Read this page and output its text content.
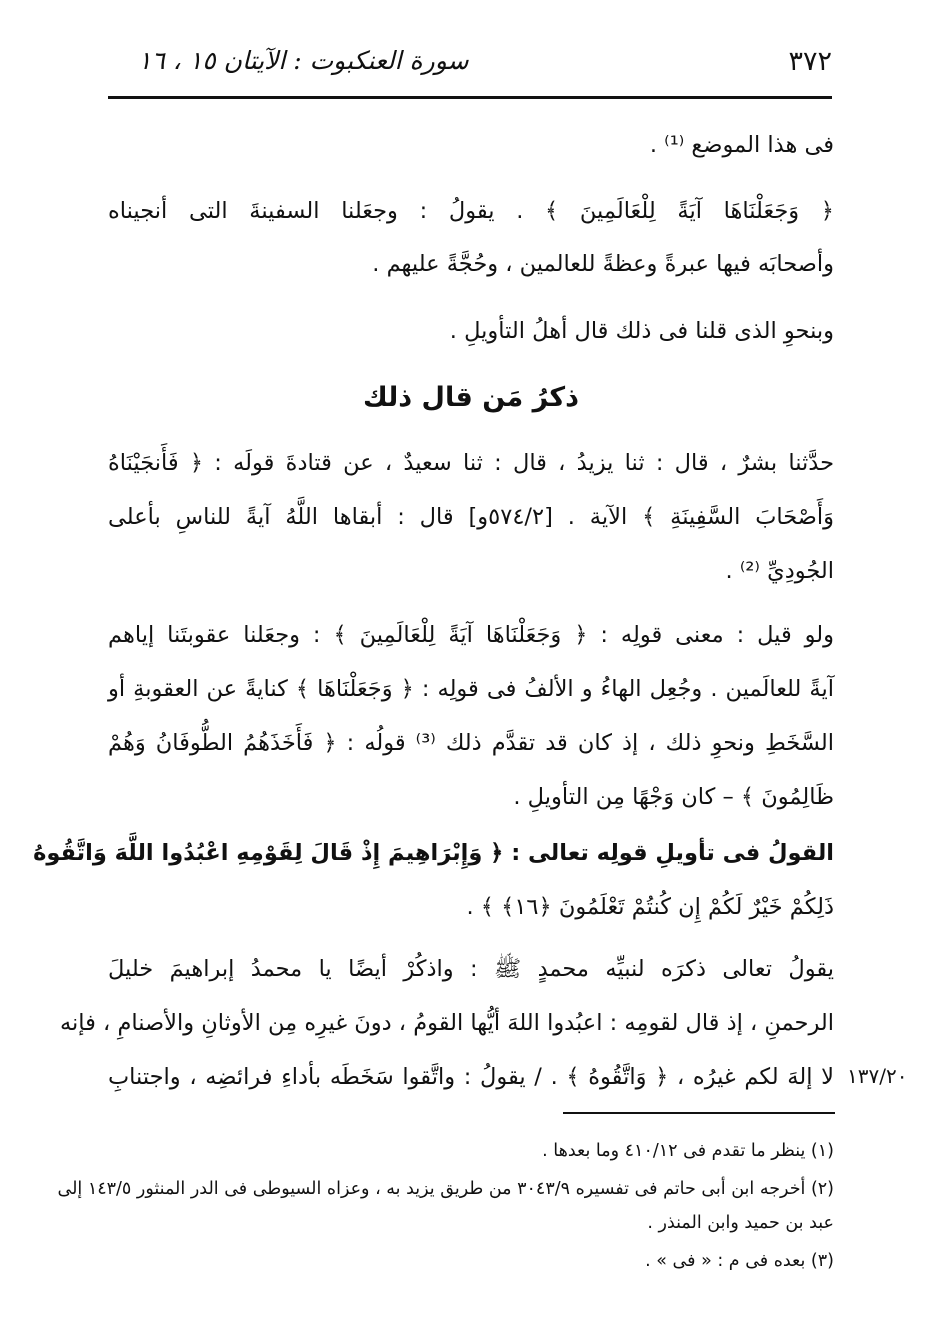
٣٧٢
سورة العنكبوت : الآيتان ١٥ ، ١٦
فى هذا الموضع ⁽¹⁾ .
﴿ وَجَعَلْنَاهَا آيَةً لِلْعَالَمِينَ ﴾ . يقولُ : وجعَلنا السفينةَ التى أنجيناه
وأصحابَه فيها عبرةً وعظةً للعالمين ، وحُجَّةً عليهم .
وبنحوِ الذى قلنا فى ذلك قال أهلُ التأويلِ .
ذكرُ مَن قال ذلك
حدَّثنا بشرٌ ، قال : ثنا يزيدُ ، قال : ثنا سعيدٌ ، عن قتادةَ قولَه : ﴿ فَأَنجَيْنَاهُ
وَأَصْحَابَ السَّفِينَةِ ﴾ الآية . [٥٧٤/٢و] قال : أبقاها اللَّهُ آيةً للناسِ بأعلى
الجُودِيِّ ⁽²⁾ .
ولو قيل : معنى قولِه : ﴿ وَجَعَلْنَاهَا آيَةً لِلْعَالَمِينَ ﴾ : وجعَلنا عقوبتَنا إياهم
آيةً للعالَمين . وجُعِل الهاءُ و الألفُ فى قولِه : ﴿ وَجَعَلْنَاهَا ﴾ كنايةً عن العقوبةِ أو
السَّخَطِ ونحوِ ذلك ، إذ كان قد تقدَّم ذلك ⁽³⁾ قولُه : ﴿ فَأَخَذَهُمُ الطُّوفَانُ وَهُمْ
ظَالِمُونَ ﴾ – كان وَجْهًا مِن التأويلِ .
القولُ فى تأويلِ قولِه تعالى : ﴿ وَإِبْرَاهِيمَ إِذْ قَالَ لِقَوْمِهِ اعْبُدُوا اللَّهَ وَاتَّقُوهُ
ذَلِكُمْ خَيْرٌ لَكُمْ إِن كُنتُمْ تَعْلَمُونَ ﴿١٦﴾ ﴾ .
يقولُ تعالى ذكرَه لنبيِّه محمدٍ ﷺ : واذكُرْ أيضًا يا محمدُ إبراهيمَ خليلَ
الرحمنِ ، إذ قال لقومِه : اعبُدوا اللهَ أيُّها القومُ ، دونَ غيرِه مِن الأوثانِ والأصنامِ ، فإنه
لا إلهَ لكم غيرُه ، ﴿ وَاتَّقُوهُ ﴾ . / يقولُ : واتَّقوا سَخَطَه بأداءِ فرائضِه ، واجتنابِ ١٣٧/٢٠
(١) ينظر ما تقدم فى ٤١٠/١٢ وما بعدها .
(٢) أخرجه ابن أبى حاتم فى تفسيره ٣٠٤٣/٩ من طريق يزيد به ، وعزاه السيوطى فى الدر المنثور ١٤٣/٥ إلى
عبد بن حميد وابن المنذر .
(٣) بعده فى م : « فى » .
